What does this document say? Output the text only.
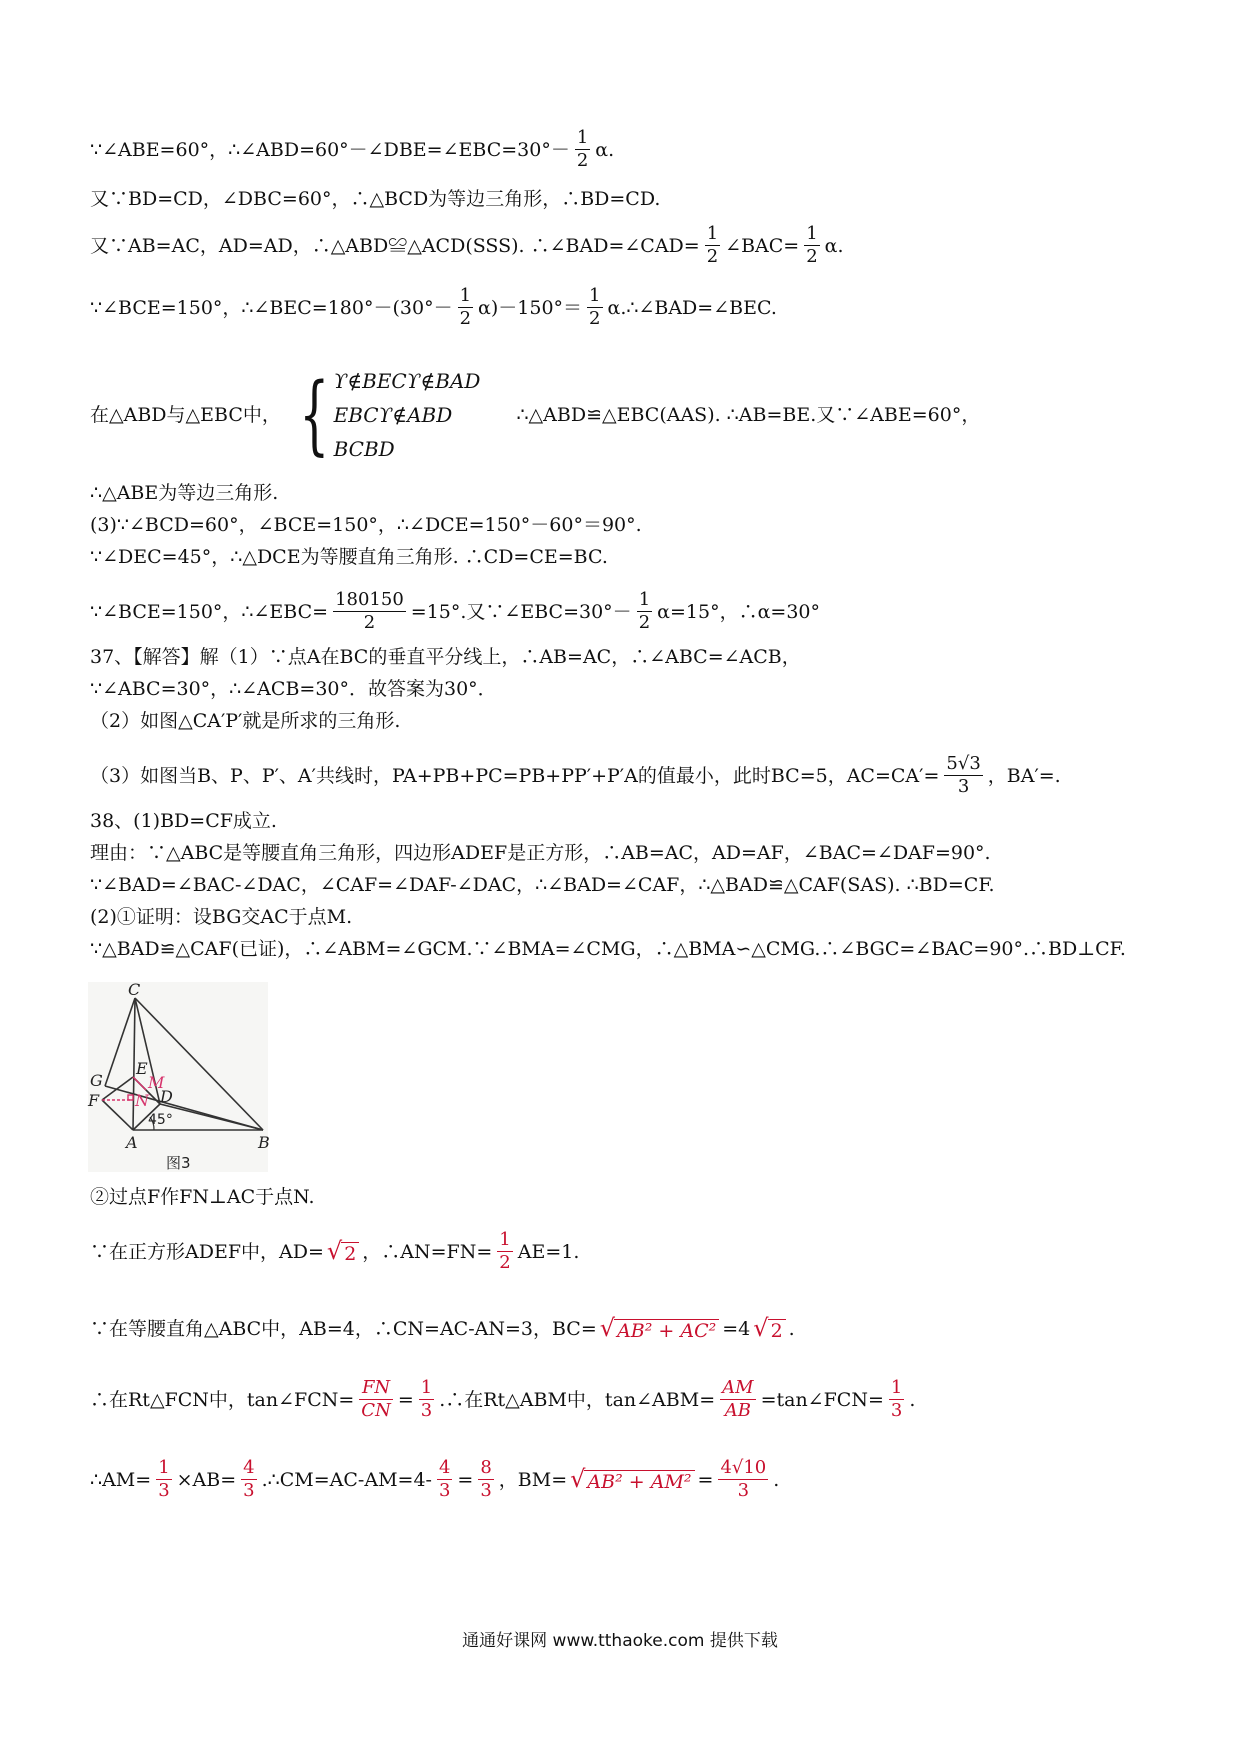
∵∠ABE=60°，∴∠ABD=60°－∠DBE=∠EBC=30°－ $\frac{1}{2} \alpha$.
又∵BD=CD，∠DBC=60°，∴△BCD为等边三角形，∴BD=CD.
又∵AB=AC，AD=AD，∴△ABD≌△ACD(SSS). ∴∠BAD=∠CAD= $\frac{1}{2}$ ∠BAC= $\frac{1}{2} \alpha$.
∵∠BCE=150°，∴∠BEC=180°－(30°－ $\frac{1}{2} \alpha)-150^\circ= \frac{1}{2}$ α.∴∠BAD=∠BEC.
在△ABD与△EBC中， { ϒ∉BECϒ∉BAD
EBCϒ∉ABD
BCBD
∴△ABD≌△EBC(AAS). ∴AB=BE.又∵∠ABE=60°，
∴△ABE为等边三角形.
(3)∵∠BCD=60°，∠BCE=150°，∴∠DCE=150°－60°＝90°.
∵∠DEC=45°，∴△DCE为等腰直角三角形. ∴CD=CE=BC.
∵∠BCE=150°，∴∠EBC= $\frac{180150}{2} =15^\circ$.又∵∠EBC=30°－ $\frac{1}{2} \alpha=15^\circ$，∴α=30°
37、【解答】解（1）∵点A在BC的垂直平分线上，∴AB=AC，∴∠ABC=∠ACB，
∵∠ABC=30°，∴∠ACB=30°．故答案为30°．
（2）如图△CA′P′就是所求的三角形.
（3）如图当B、P、P′、A′共线时，PA+PB+PC=PB+PP′+P′A的值最小，此时BC=5，$AC=CA'= \frac{5√3}{3}$ ，BA′=.
38、(1)BD=CF成立.
理由：∵△ABC是等腰直角三角形，四边形ADEF是正方形，∴AB=AC，AD=AF，∠BAC=∠DAF=90°.
∵∠BAD=∠BAC-∠DAC，∠CAF=∠DAF-∠DAC，∴∠BAD=∠CAF，∴△BAD≌△CAF(SAS). ∴BD=CF.
(2)①证明：设BG交AC于点M.
∵△BAD≌△CAF(已证)，∴∠ABM=∠GCM.∵∠BMA=∠CMG，∴△BMA∽△CMG.∴∠BGC=∠BAC=90°.∴BD⊥CF.
C
G
E
M
F	D
N
A	B
45°
图3
②过点F作FN⊥AC于点N.
∵在正方形ADEF中，AD= √ 2 ，∴AN=FN= $\frac{1}{2} AE=1$.
∵在等腰直角△ABC中，AB=4，∴CN=AC-AN=3，BC= √ AB² + AC² =4 √ 2 .
∴在Rt△FCN中，tan∠FCN= $\frac{FN}{CN} = \frac{1}{3}$ .∴在Rt△ABM中，tan∠ABM= $\frac{AM}{AB}$ =tan∠FCN= $\frac{1}{3}$ .
∴AM= $\frac{1}{3} \times AB= \frac{4}{3}$ .∴CM=AC-AM=4- $\frac{4}{3} = \frac{8}{3}$ ，BM= √ $AB^2 + AM^2 = \frac{4√10}{3}$ .
通通好课网 www.tthaoke.com 提供下载
